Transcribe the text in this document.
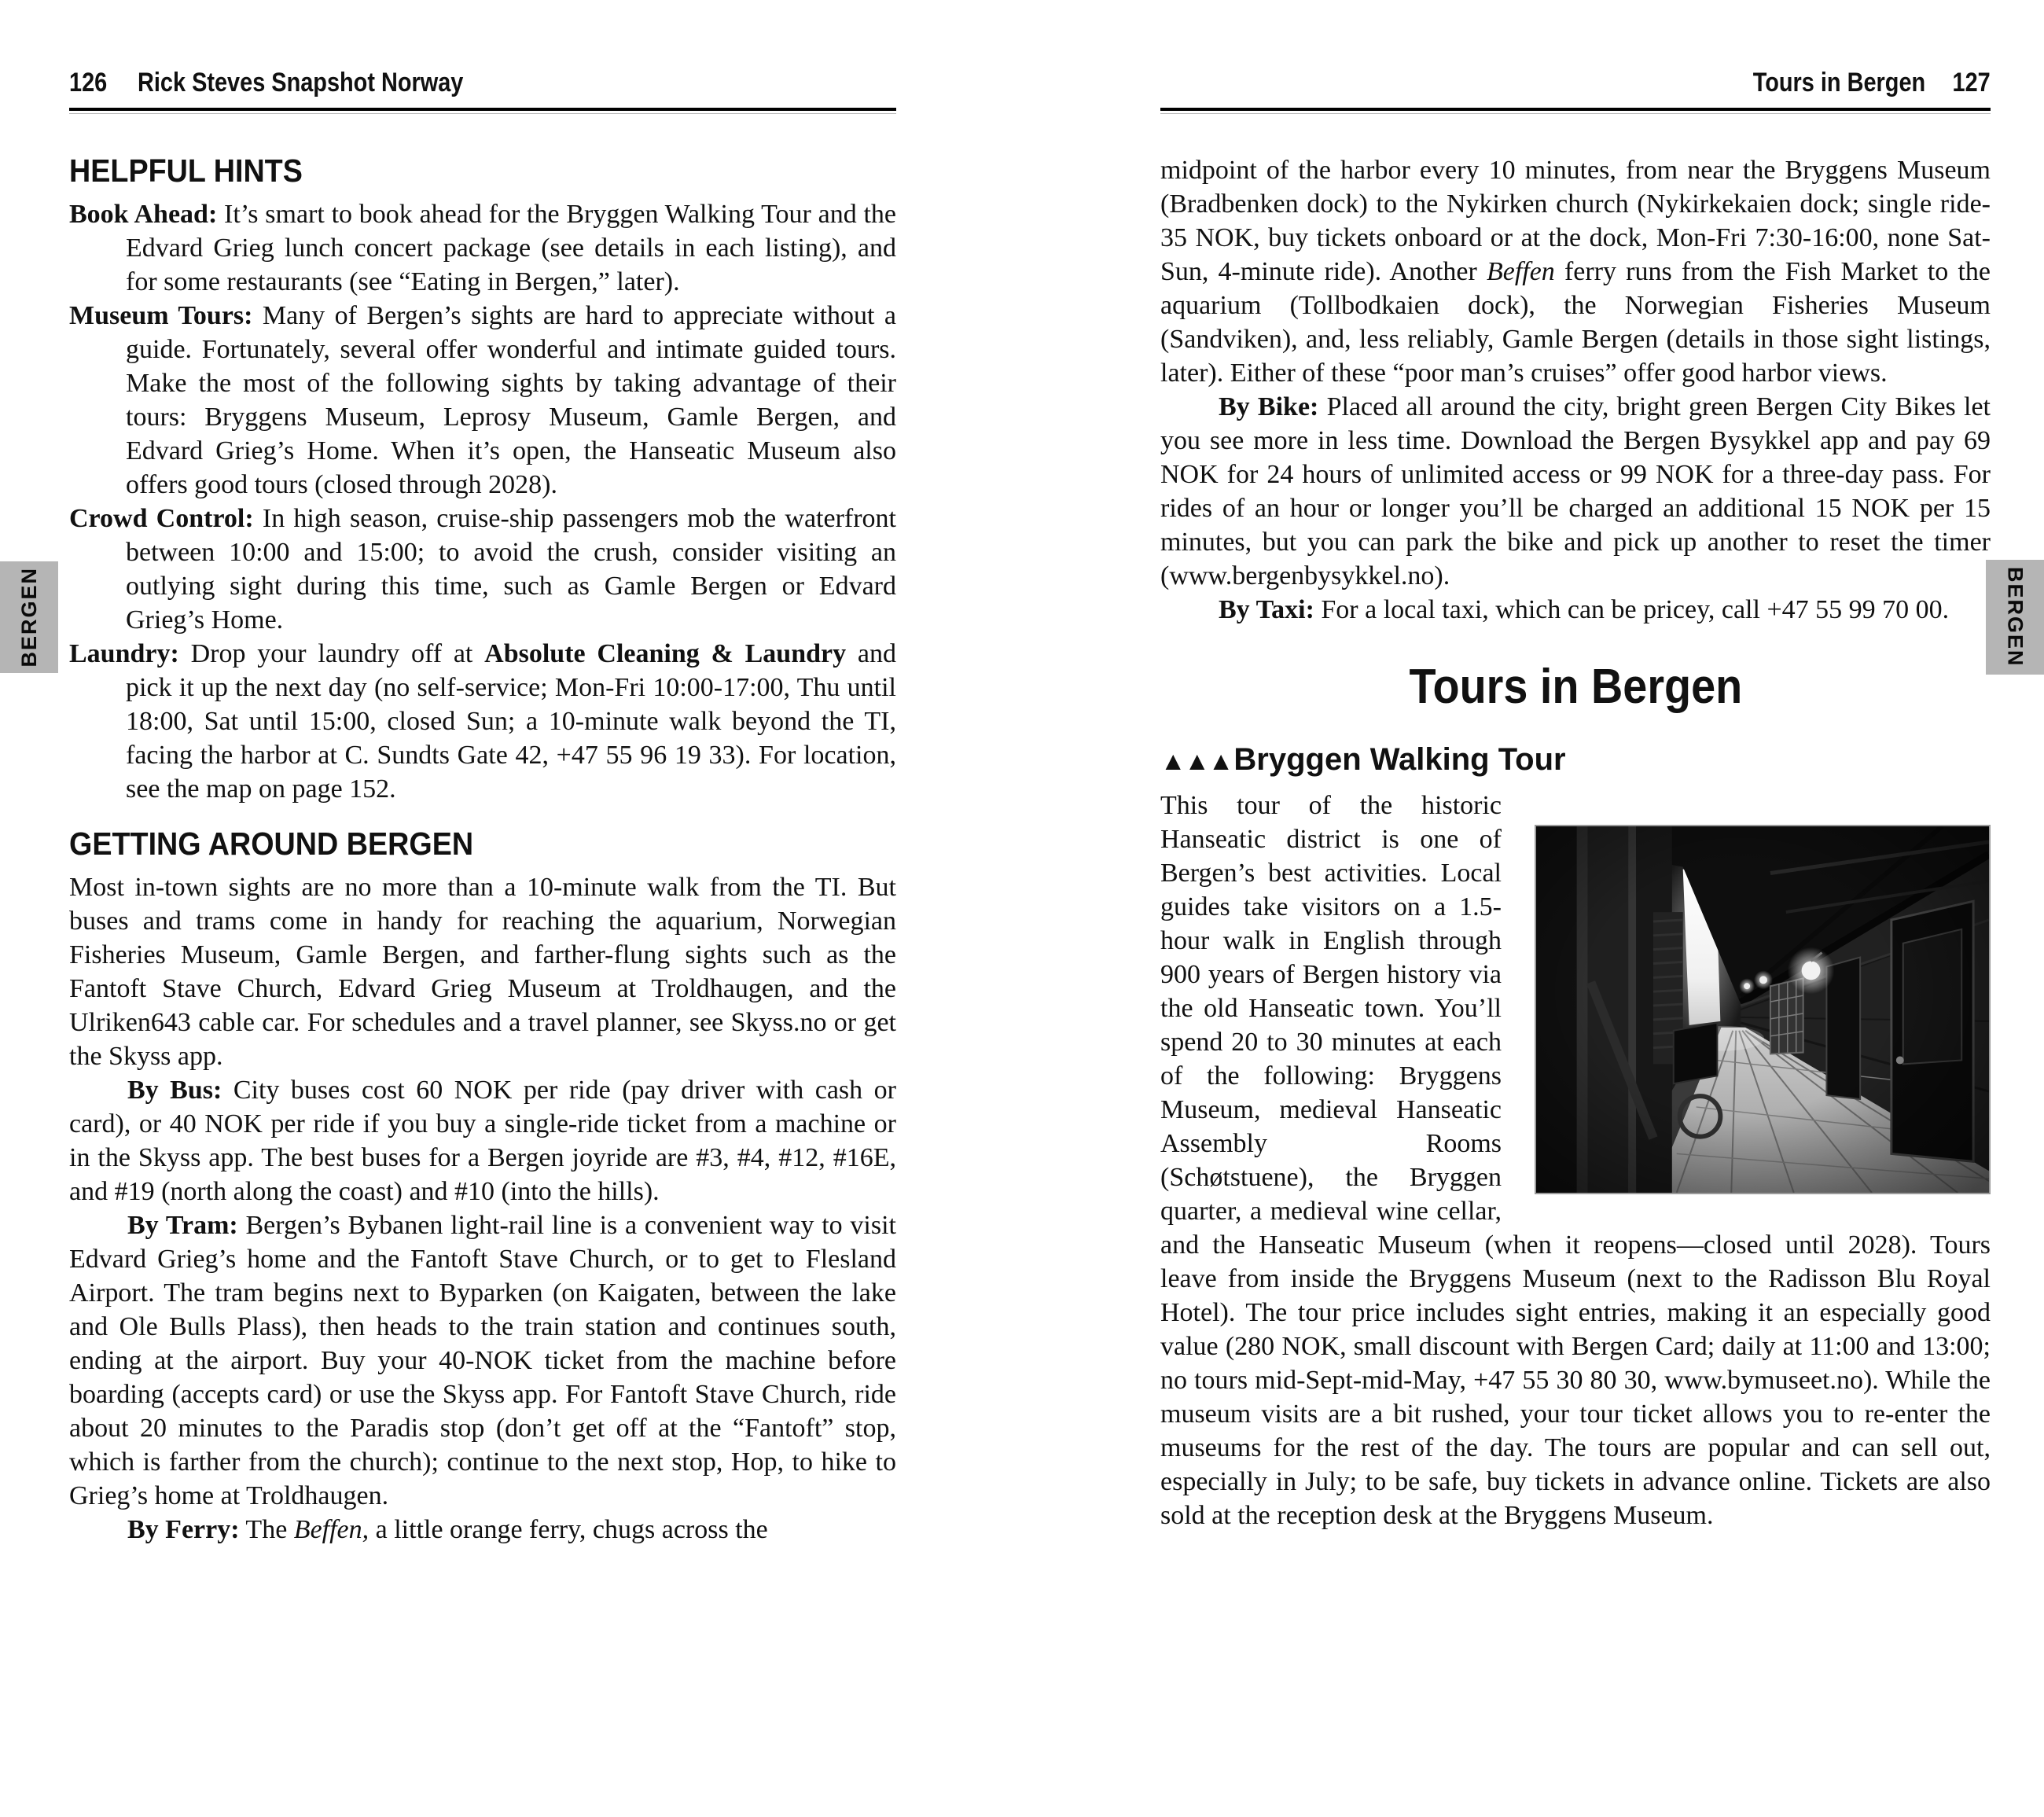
126 Rick Steves Snapshot Norway

HELPFUL HINTS

Book Ahead: It’s smart to book ahead for the Bryggen Walking Tour and the Edvard Grieg lunch concert package (see details in each listing), and for some restaurants (see “Eating in Bergen,” later).

Museum Tours: Many of Bergen’s sights are hard to appreciate without a guide. Fortunately, several offer wonderful and intimate guided tours. Make the most of the following sights by taking advantage of their tours: Bryggens Museum, Leprosy Museum, Gamle Bergen, and Edvard Grieg’s Home. When it’s open, the Hanseatic Museum also offers good tours (closed through 2028).

Crowd Control: In high season, cruise-ship passengers mob the waterfront between 10:00 and 15:00; to avoid the crush, consider visiting an outlying sight during this time, such as Gamle Bergen or Edvard Grieg’s Home.

Laundry: Drop your laundry off at Absolute Cleaning & Laundry and pick it up the next day (no self-service; Mon-Fri 10:00-17:00, Thu until 18:00, Sat until 15:00, closed Sun; a 10-minute walk beyond the TI, facing the harbor at C. Sundts Gate 42, +47 55 96 19 33). For location, see the map on page 152.

GETTING AROUND BERGEN

Most in-town sights are no more than a 10-minute walk from the TI. But buses and trams come in handy for reaching the aquarium, Norwegian Fisheries Museum, Gamle Bergen, and farther-flung sights such as the Fantoft Stave Church, Edvard Grieg Museum at Troldhaugen, and the Ulriken643 cable car. For schedules and a travel planner, see Skyss.no or get the Skyss app.

By Bus: City buses cost 60 NOK per ride (pay driver with cash or card), or 40 NOK per ride if you buy a single-ride ticket from a machine or in the Skyss app. The best buses for a Bergen joyride are #3, #4, #12, #16E, and #19 (north along the coast) and #10 (into the hills).

By Tram: Bergen’s Bybanen light-rail line is a convenient way to visit Edvard Grieg’s home and the Fantoft Stave Church, or to get to Flesland Airport. The tram begins next to Byparken (on Kaigaten, between the lake and Ole Bulls Plass), then heads to the train station and continues south, ending at the airport. Buy your 40-NOK ticket from the machine before boarding (accepts card) or use the Skyss app. For Fantoft Stave Church, ride about 20 minutes to the Paradis stop (don’t get off at the “Fantoft” stop, which is farther from the church); continue to the next stop, Hop, to hike to Grieg’s home at Troldhaugen.

By Ferry: The Beffen, a little orange ferry, chugs across the

Tours in Bergen 127

midpoint of the harbor every 10 minutes, from near the Bryggens Museum (Bradbenken dock) to the Nykirken church (Nykirkekaien dock; single ride-35 NOK, buy tickets onboard or at the dock, Mon-Fri 7:30-16:00, none Sat-Sun, 4-minute ride). Another Beffen ferry runs from the Fish Market to the aquarium (Tollbodkaien dock), the Norwegian Fisheries Museum (Sandviken), and, less reliably, Gamle Bergen (details in those sight listings, later). Either of these “poor man’s cruises” offer good harbor views.

By Bike: Placed all around the city, bright green Bergen City Bikes let you see more in less time. Download the Bergen Bysykkel app and pay 69 NOK for 24 hours of unlimited access or 99 NOK for a three-day pass. For rides of an hour or longer you’ll be charged an additional 15 NOK per 15 minutes, but you can park the bike and pick up another to reset the timer (www.bergenbysykkel.no).

By Taxi: For a local taxi, which can be pricey, call +47 55 99 70 00.

Tours in Bergen

▲▲▲Bryggen Walking Tour

This tour of the historic Hanseatic district is one of Bergen’s best activities. Local guides take visitors on a 1.5-hour walk in English through 900 years of Bergen history via the old Hanseatic town. You’ll spend 20 to 30 minutes at each of the following: Bryggens Museum, medieval Hanseatic Assembly Rooms (Schøtstuene), the Bryggen quarter, a medieval wine cellar, and the Hanseatic Museum (when it reopens—closed until 2028). Tours leave from inside the Bryggens Museum (next to the Radisson Blu Royal Hotel). The tour price includes sight entries, making it an especially good value (280 NOK, small discount with Bergen Card; daily at 11:00 and 13:00; no tours mid-Sept-mid-May, +47 55 30 80 30, www.bymuseet.no). While the museum visits are a bit rushed, your tour ticket allows you to re-enter the museums for the rest of the day. The tours are popular and can sell out, especially in July; to be safe, buy tickets in advance online. Tickets are also sold at the reception desk at the Bryggens Museum.

BERGEN	BERGEN
